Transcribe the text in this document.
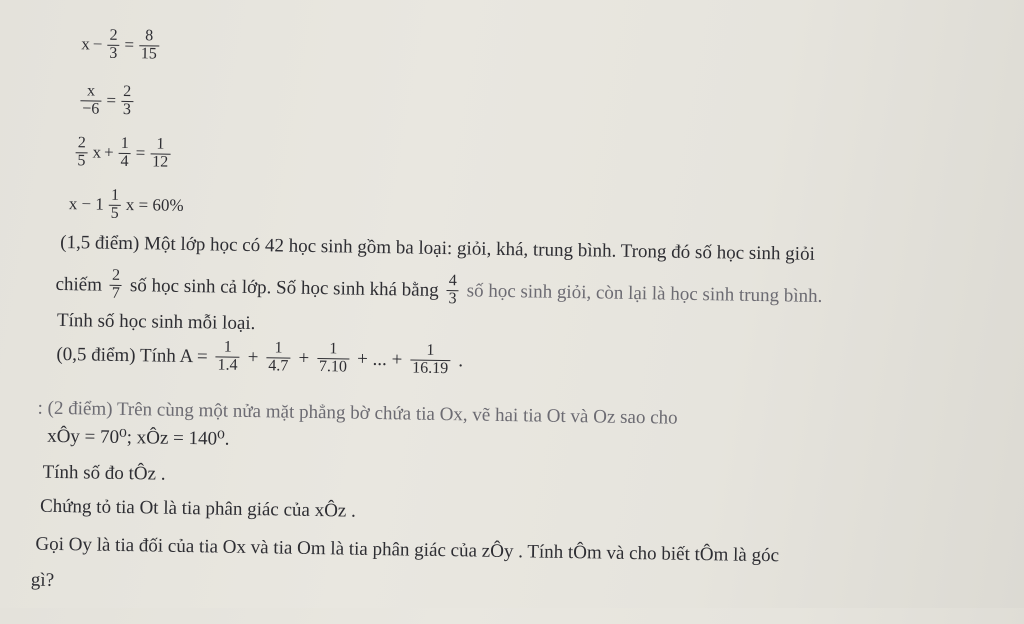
$x - \frac{2}{3} = \frac{8}{15}$
$\frac{x}{-6} = \frac{2}{3}$
$\frac{2}{5}$ $x + \frac{1}{4} = \frac{1}{12}$
$x - 1 \frac{1}{5}$ x = 60%
(1,5 điểm) Một lớp học có 42 học sinh gồm ba loại: giỏi, khá, trung bình. Trong đó số học sinh giỏi
chiếm $\frac{2}{7}$ số học sinh cả lớp. Số học sinh khá bằng $\frac{4}{3}$ số học sinh giỏi, còn lại là học sinh trung bình.
Tính số học sinh mỗi loại.
(0,5 điểm) Tính $A = \frac{1}{1.4} + \frac{1}{4.7} + \frac{1}{7.10}$ + ... + $\frac{1}{16.19}$ .
: (2 điểm) Trên cùng một nửa mặt phẳng bờ chứa tia Ox, vẽ hai tia Ot và Oz sao cho
xÔy = 70⁰; xÔz = 140⁰.
Tính số đo tÔz .
Chứng tỏ tia Ot là tia phân giác của xÔz .
Gọi Oy là tia đối của tia Ox và tia Om là tia phân giác của zÔy . Tính tÔm và cho biết tÔm là góc
gì?
